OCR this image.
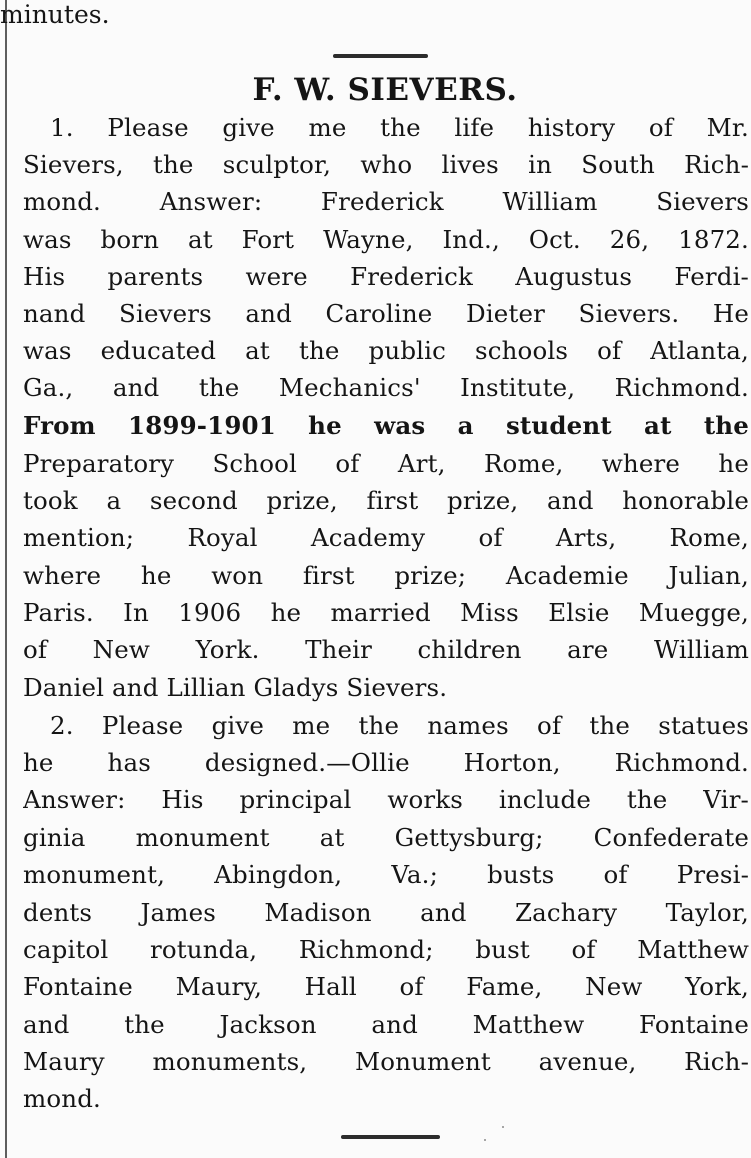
minutes.
F. W. SIEVERS.
1. Please give me the life history of Mr.
Sievers, the sculptor, who lives in South Rich-
mond. Answer: Frederick William Sievers
was born at Fort Wayne, Ind., Oct. 26, 1872.
His parents were Frederick Augustus Ferdi-
nand Sievers and Caroline Dieter Sievers. He
was educated at the public schools of Atlanta,
Ga., and the Mechanics' Institute, Richmond.
From 1899-1901 he was a student at the
Preparatory School of Art, Rome, where he
took a second prize, first prize, and honorable
mention; Royal Academy of Arts, Rome,
where he won first prize; Academie Julian,
Paris. In 1906 he married Miss Elsie Muegge,
of New York. Their children are William
Daniel and Lillian Gladys Sievers.
2. Please give me the names of the statues
he has designed.—Ollie Horton, Richmond.
Answer: His principal works include the Vir-
ginia monument at Gettysburg; Confederate
monument, Abingdon, Va.; busts of Presi-
dents James Madison and Zachary Taylor,
capitol rotunda, Richmond; bust of Matthew
Fontaine Maury, Hall of Fame, New York,
and the Jackson and Matthew Fontaine
Maury monuments, Monument avenue, Rich-
mond.
